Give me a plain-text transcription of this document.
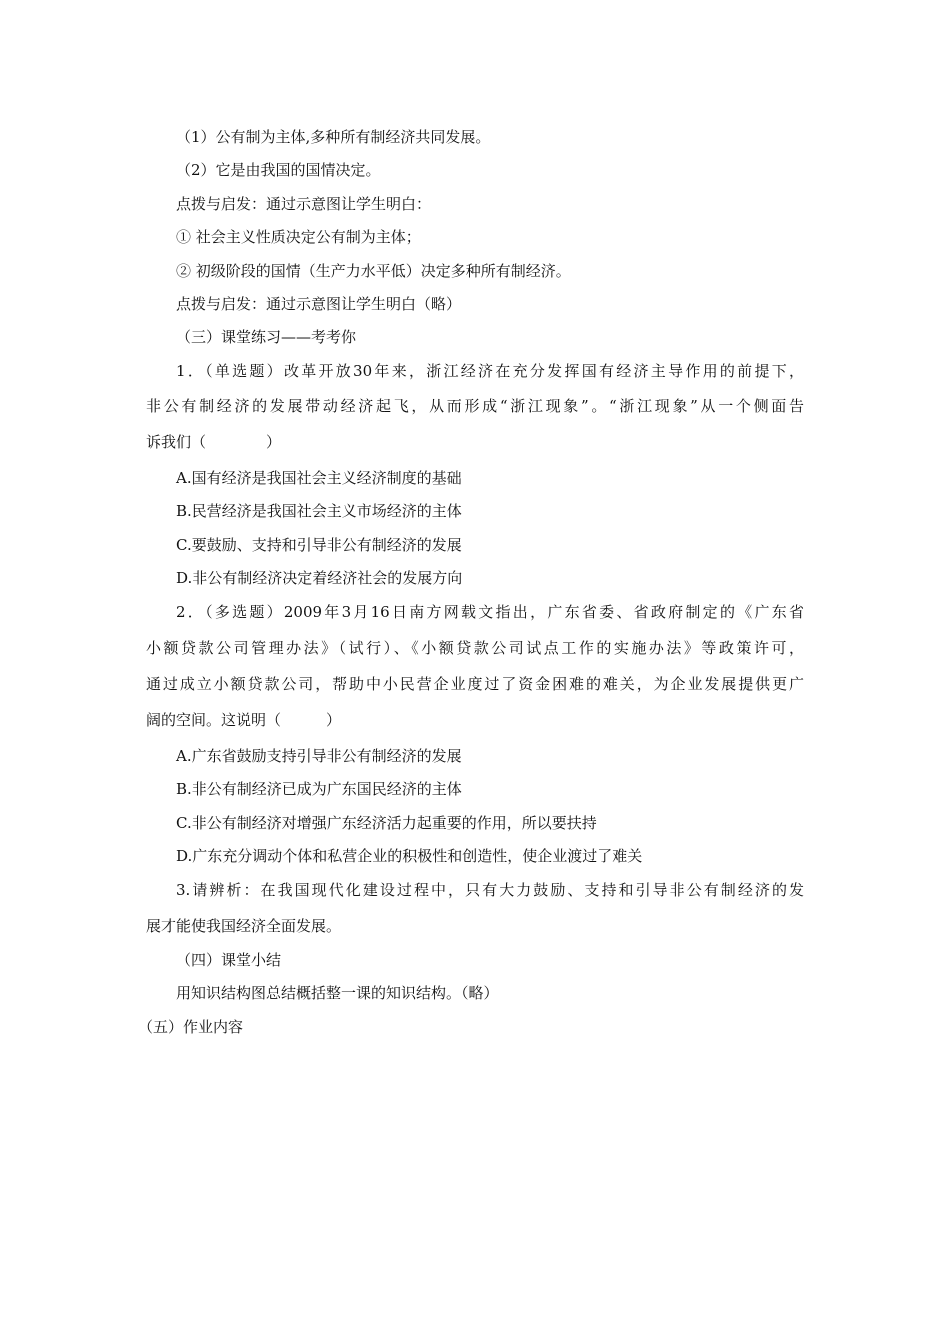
（1）公有制为主体,多种所有制经济共同发展。
（2）它是由我国的国情决定。
点拨与启发：通过示意图让学生明白：
① 社会主义性质决定公有制为主体；
② 初级阶段的国情（生产力水平低）决定多种所有制经济。
点拨与启发：通过示意图让学生明白（略）
（三）课堂练习——考考你
1．（单选题）改革开放30年来，浙江经济在充分发挥国有经济主导作用的前提下，
非公有制经济的发展带动经济起飞，从而形成“浙江现象”。“浙江现象”从一个侧面告
诉我们（　　　　）
A.国有经济是我国社会主义经济制度的基础
B.民营经济是我国社会主义市场经济的主体
C.要鼓励、支持和引导非公有制经济的发展
D.非公有制经济决定着经济社会的发展方向
2．（多选题）2009年3月16日南方网载文指出，广东省委、省政府制定的《广东省
小额贷款公司管理办法》（试行）、《小额贷款公司试点工作的实施办法》等政策许可，
通过成立小额贷款公司，帮助中小民营企业度过了资金困难的难关，为企业发展提供更广
阔的空间。这说明（　　　）
A.广东省鼓励支持引导非公有制经济的发展
B.非公有制经济已成为广东国民经济的主体
C.非公有制经济对增强广东经济活力起重要的作用，所以要扶持
D.广东充分调动个体和私营企业的积极性和创造性，使企业渡过了难关
3.请辨析：在我国现代化建设过程中，只有大力鼓励、支持和引导非公有制经济的发
展才能使我国经济全面发展。
（四）课堂小结
用知识结构图总结概括整一课的知识结构。（略）
（五）作业内容
